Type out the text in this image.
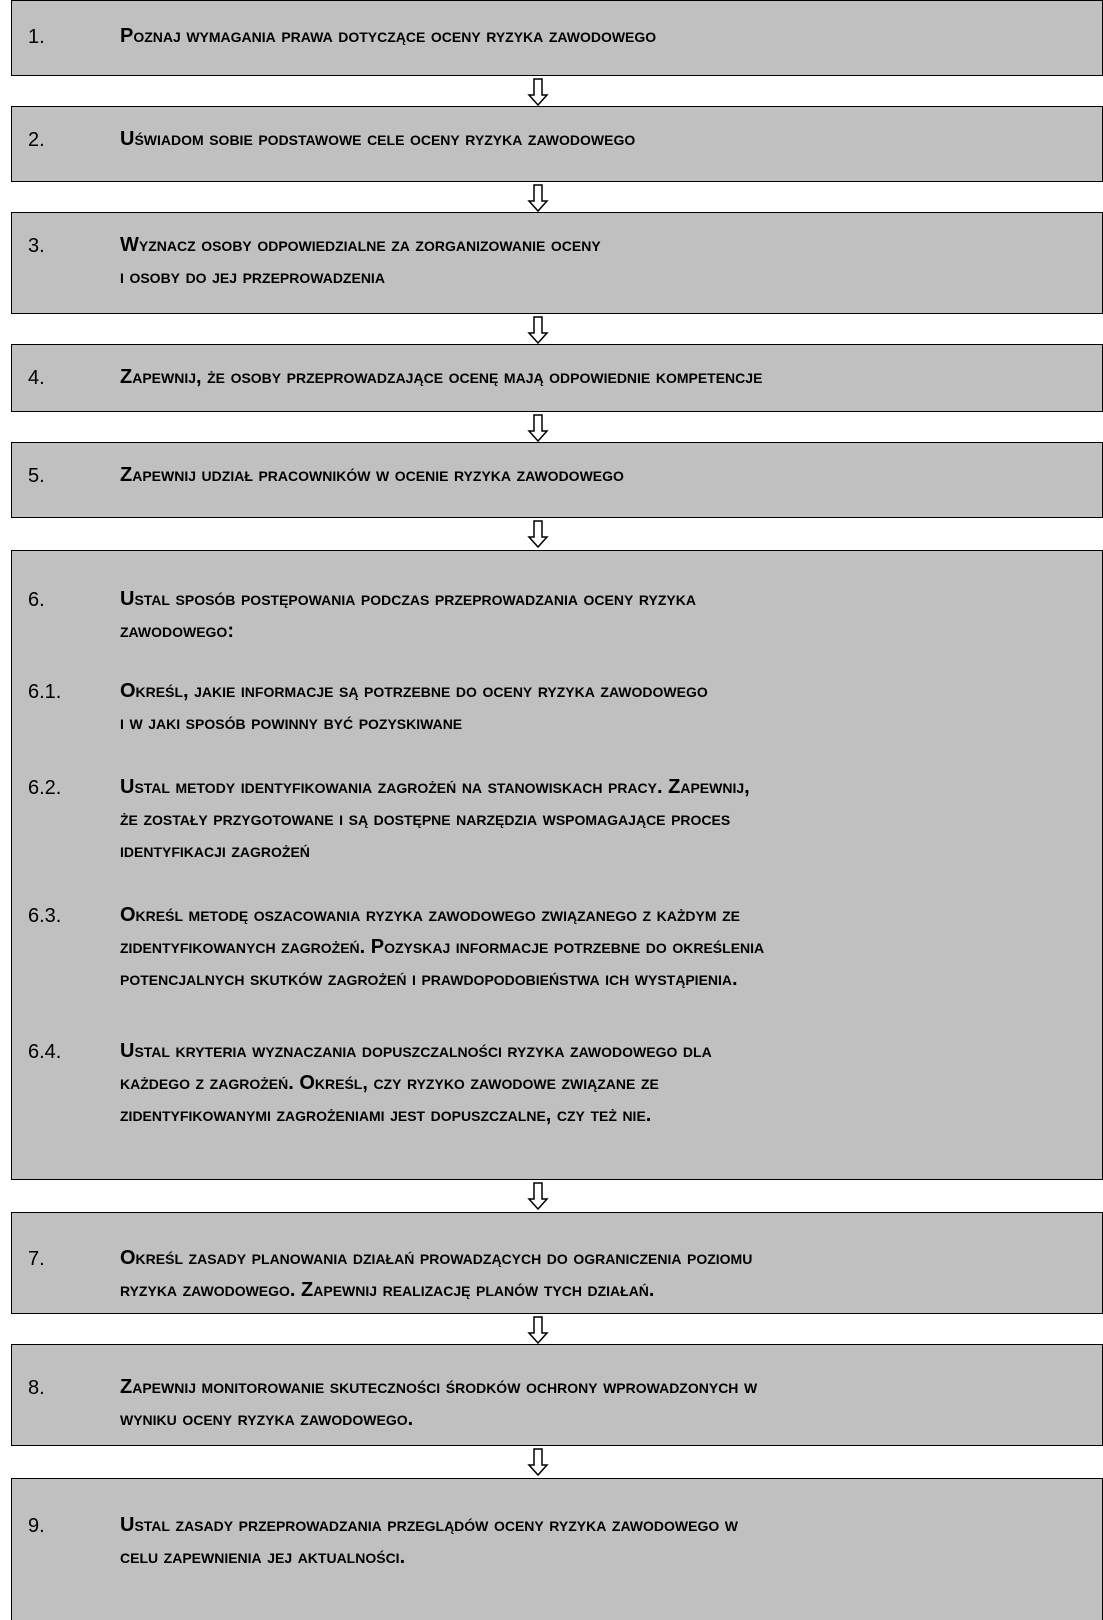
1.	Poznaj wymagania prawa dotyczące oceny ryzyka zawodowego
2.	Uświadom sobie podstawowe cele oceny ryzyka zawodowego
3.	Wyznacz osoby odpowiedzialne za zorganizowanie oceny
i osoby do jej przeprowadzenia
4.	Zapewnij, że osoby przeprowadzające ocenę mają odpowiednie kompetencje
5.	Zapewnij udział pracowników w ocenie ryzyka zawodowego
6.	Ustal sposób postępowania podczas przeprowadzania oceny ryzyka
zawodowego:
6.1.	Określ, jakie informacje są potrzebne do oceny ryzyka zawodowego
i w jaki sposób powinny być pozyskiwane
6.2.	Ustal metody identyfikowania zagrożeń na stanowiskach pracy. Zapewnij,
że zostały przygotowane i są dostępne narzędzia wspomagające proces
identyfikacji zagrożeń
6.3.	Określ metodę oszacowania ryzyka zawodowego związanego z każdym ze
zidentyfikowanych zagrożeń. Pozyskaj informacje potrzebne do określenia
potencjalnych skutków zagrożeń i prawdopodobieństwa ich wystąpienia.
6.4.	Ustal kryteria wyznaczania dopuszczalności ryzyka zawodowego dla
każdego z zagrożeń. Określ, czy ryzyko zawodowe związane ze
zidentyfikowanymi zagrożeniami jest dopuszczalne, czy też nie.
7.	Określ zasady planowania działań prowadzących do ograniczenia poziomu
ryzyka zawodowego. Zapewnij realizację planów tych działań.
8.	Zapewnij monitorowanie skuteczności środków ochrony wprowadzonych w
wyniku oceny ryzyka zawodowego.
9.	Ustal zasady przeprowadzania przeglądów oceny ryzyka zawodowego w
celu zapewnienia jej aktualności.
